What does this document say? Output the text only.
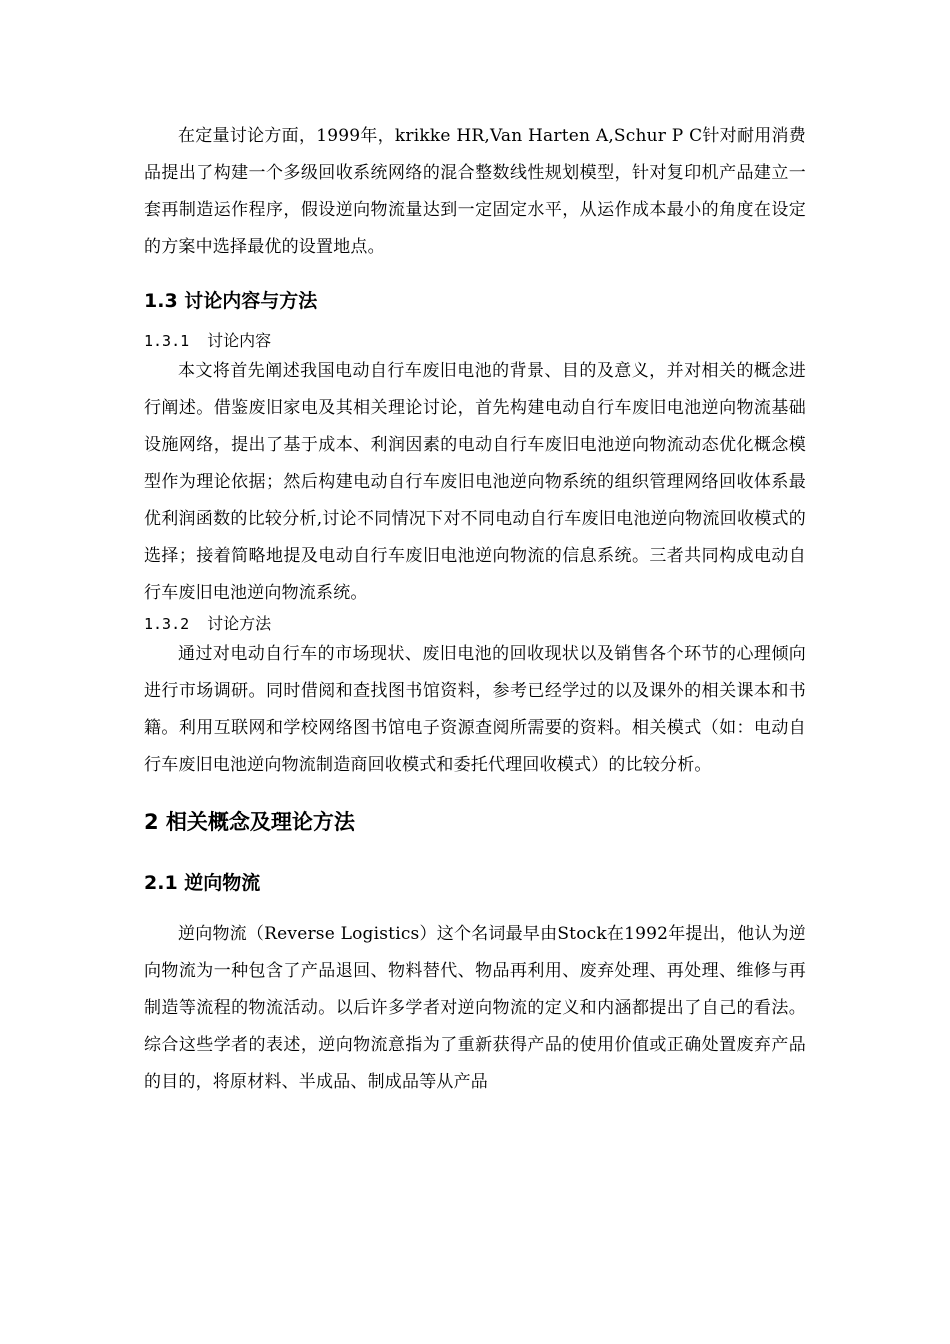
在定量讨论方面，1999年，krikke HR,Van Harten A,Schur P C针对耐用消费品提出了构建一个多级回收系统网络的混合整数线性规划模型，针对复印机产品建立一套再制造运作程序，假设逆向物流量达到一定固定水平，从运作成本最小的角度在设定的方案中选择最优的设置地点。

1.3 讨论内容与方法
1.3.1 讨论内容

本文将首先阐述我国电动自行车废旧电池的背景、目的及意义，并对相关的概念进行阐述。借鉴废旧家电及其相关理论讨论，首先构建电动自行车废旧电池逆向物流基础设施网络，提出了基于成本、利润因素的电动自行车废旧电池逆向物流动态优化概念模型作为理论依据；然后构建电动自行车废旧电池逆向物系统的组织管理网络回收体系最优利润函数的比较分析,讨论不同情况下对不同电动自行车废旧电池逆向物流回收模式的选择；接着简略地提及电动自行车废旧电池逆向物流的信息系统。三者共同构成电动自行车废旧电池逆向物流系统。

1.3.2 讨论方法

通过对电动自行车的市场现状、废旧电池的回收现状以及销售各个环节的心理倾向进行市场调研。同时借阅和查找图书馆资料，参考已经学过的以及课外的相关课本和书籍。利用互联网和学校网络图书馆电子资源查阅所需要的资料。相关模式（如：电动自行车废旧电池逆向物流制造商回收模式和委托代理回收模式）的比较分析。

2 相关概念及理论方法
2.1 逆向物流

逆向物流（Reverse Logistics）这个名词最早由Stock在1992年提出，他认为逆向物流为一种包含了产品退回、物料替代、物品再利用、废弃处理、再处理、维修与再制造等流程的物流活动。以后许多学者对逆向物流的定义和内涵都提出了自己的看法。综合这些学者的表述，逆向物流意指为了重新获得产品的使用价值或正确处置废弃产品的目的，将原材料、半成品、制成品等从产品
